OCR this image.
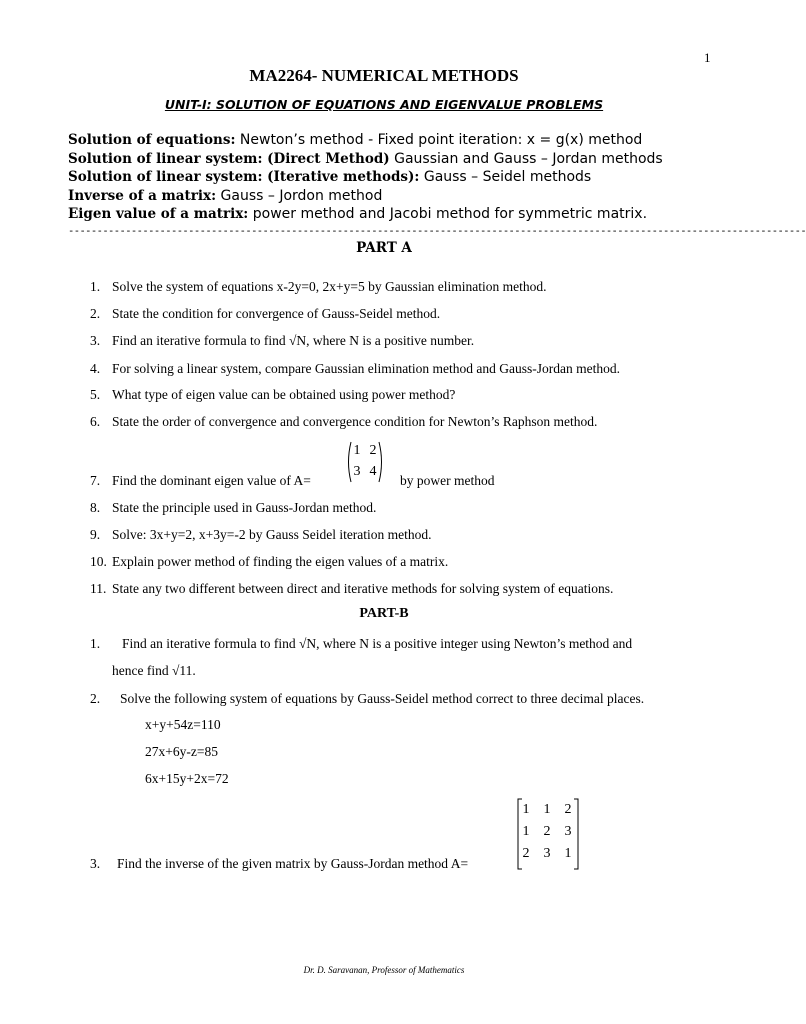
1
MA2264- NUMERICAL METHODS
UNIT-I: SOLUTION OF EQUATIONS AND EIGENVALUE PROBLEMS
Solution of equations: Newton’s method - Fixed point iteration: x = g(x) method
Solution of linear system: (Direct Method) Gaussian and Gauss – Jordan methods
Solution of linear system: (Iterative methods): Gauss – Seidel methods
Inverse of a matrix: Gauss – Jordon method
Eigen value of a matrix: power method and Jacobi method for symmetric matrix.
---------------------------------------------------------------------------------------------------------------------------------
PART A
1. Solve the system of equations x-2y=0, 2x+y=5 by Gaussian elimination method.
2. State the condition for convergence of Gauss-Seidel method.
3. Find an iterative formula to find √N, where N is a positive number.
4. For solving a linear system, compare Gaussian elimination method and Gauss-Jordan method.
5. What type of eigen value can be obtained using power method?
6. State the order of convergence and convergence condition for Newton’s Raphson method.
7. Find the dominant eigen value of A=
1 2
3 4
by power method
8. State the principle used in Gauss-Jordan method.
9. Solve: 3x+y=2, x+3y=-2 by Gauss Seidel iteration method.
10. Explain power method of finding the eigen values of a matrix.
11. State any two different between direct and iterative methods for solving system of equations.
PART-B
1. Find an iterative formula to find √N, where N is a positive integer using Newton’s method and
hence find √11.
2. Solve the following system of equations by Gauss-Seidel method correct to three decimal places.
x+y+54z=110
27x+6y-z=85
6x+15y+2x=72
3. Find the inverse of the given matrix by Gauss-Jordan method A=
1	1	2
1	2	3
2	3	1
Dr. D. Saravanan, Professor of Mathematics
